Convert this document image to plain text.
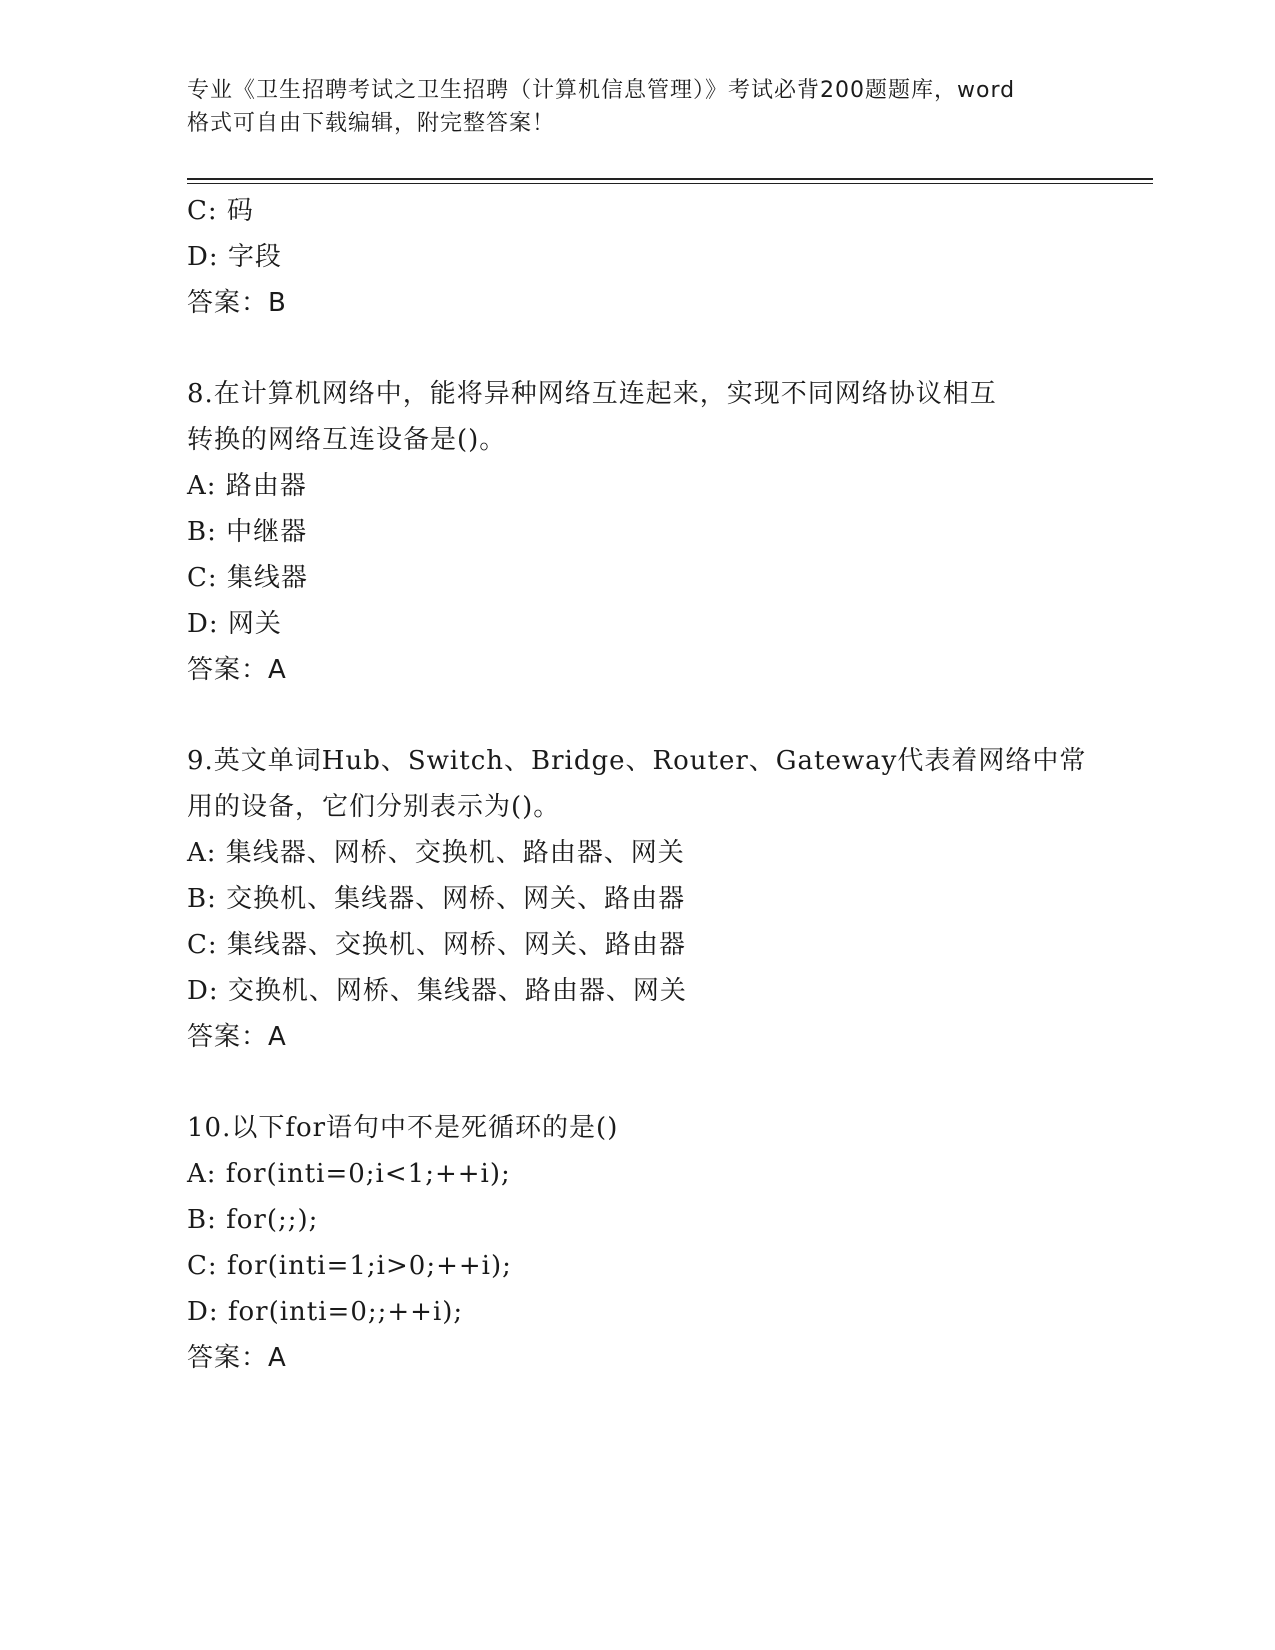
专业《卫生招聘考试之卫生招聘（计算机信息管理）》考试必背200题题库，word
格式可自由下载编辑，附完整答案！
C: 码
D: 字段
答案：B
8.在计算机网络中，能将异种网络互连起来，实现不同网络协议相互
转换的网络互连设备是()。
A: 路由器
B: 中继器
C: 集线器
D: 网关
答案：A
9.英文单词Hub、Switch、Bridge、Router、Gateway代表着网络中常
用的设备，它们分别表示为()。
A: 集线器、网桥、交换机、路由器、网关
B: 交换机、集线器、网桥、网关、路由器
C: 集线器、交换机、网桥、网关、路由器
D: 交换机、网桥、集线器、路由器、网关
答案：A
10.以下for语句中不是死循环的是()
A: for(inti=0;i<1;++i);
B: for(;;);
C: for(inti=1;i>0;++i);
D: for(inti=0;;++i);
答案：A
